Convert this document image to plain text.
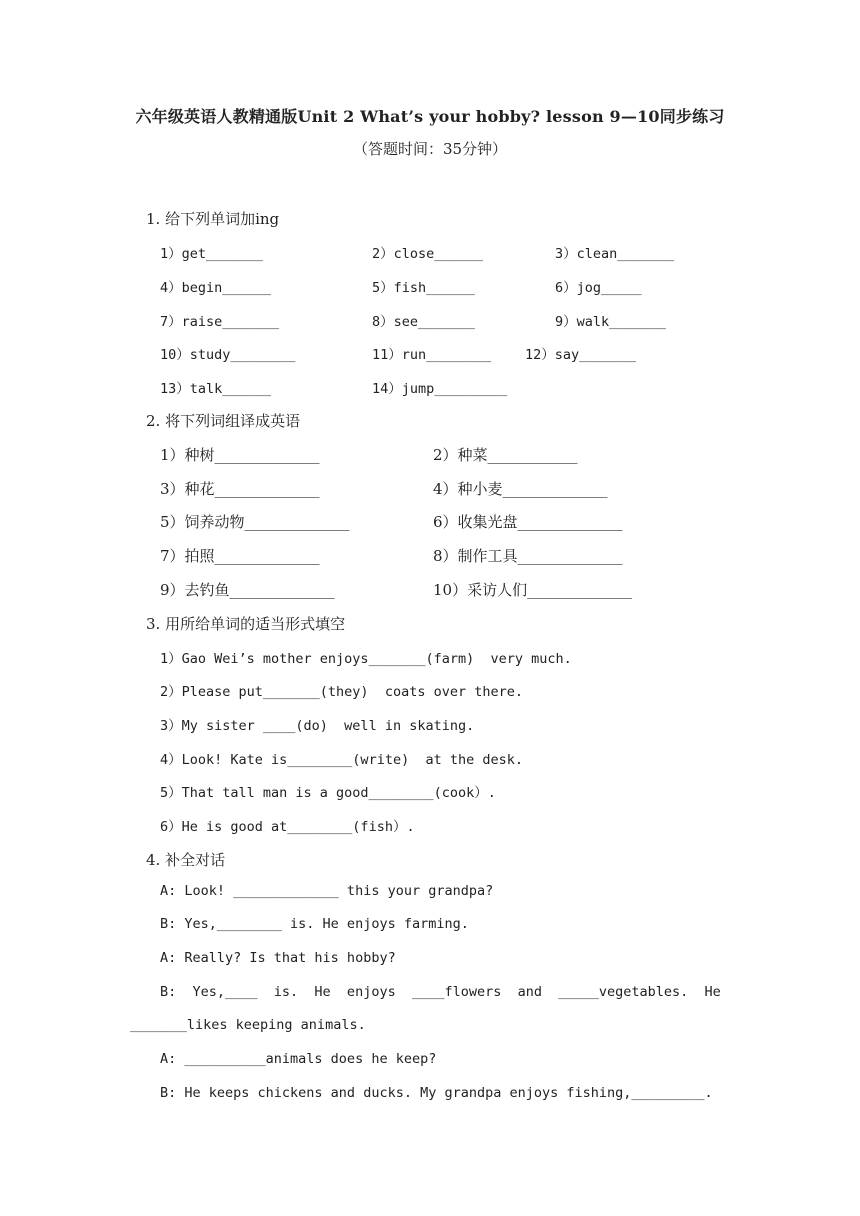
六年级英语人教精通版Unit 2 What’s your hobby? lesson 9—10同步练习
（答题时间：35分钟）
1. 给下列单词加ing
1）get_______	2）close______	3）clean_______
4）begin______	5）fish______	6）jog_____
7）raise_______	8）see_______	9）walk_______
10）study________	11）run________	12）say_______
13）talk______	14）jump_________
2. 将下列词组译成英语
1）种树______________	2）种菜____________
3）种花______________	4）种小麦______________
5）饲养动物______________	6）收集光盘______________
7）拍照______________	8）制作工具______________
9）去钓鱼______________	10）采访人们______________
3. 用所给单词的适当形式填空
1）Gao Wei’s mother enjoys_______(farm)  very much.
2）Please put_______(they)  coats over there.
3）My sister ____(do)  well in skating.
4）Look! Kate is________(write)  at the desk.
5）That tall man is a good________(cook）.
6）He is good at________(fish）.
4. 补全对话
A: Look! _____________ this your grandpa?
B: Yes,________ is. He enjoys farming.
A: Really? Is that his hobby?
B:  Yes,____  is.  He  enjoys  ____flowers  and  _____vegetables.  He
_______likes keeping animals.
A: __________animals does he keep?
B: He keeps chickens and ducks. My grandpa enjoys fishing,_________.
